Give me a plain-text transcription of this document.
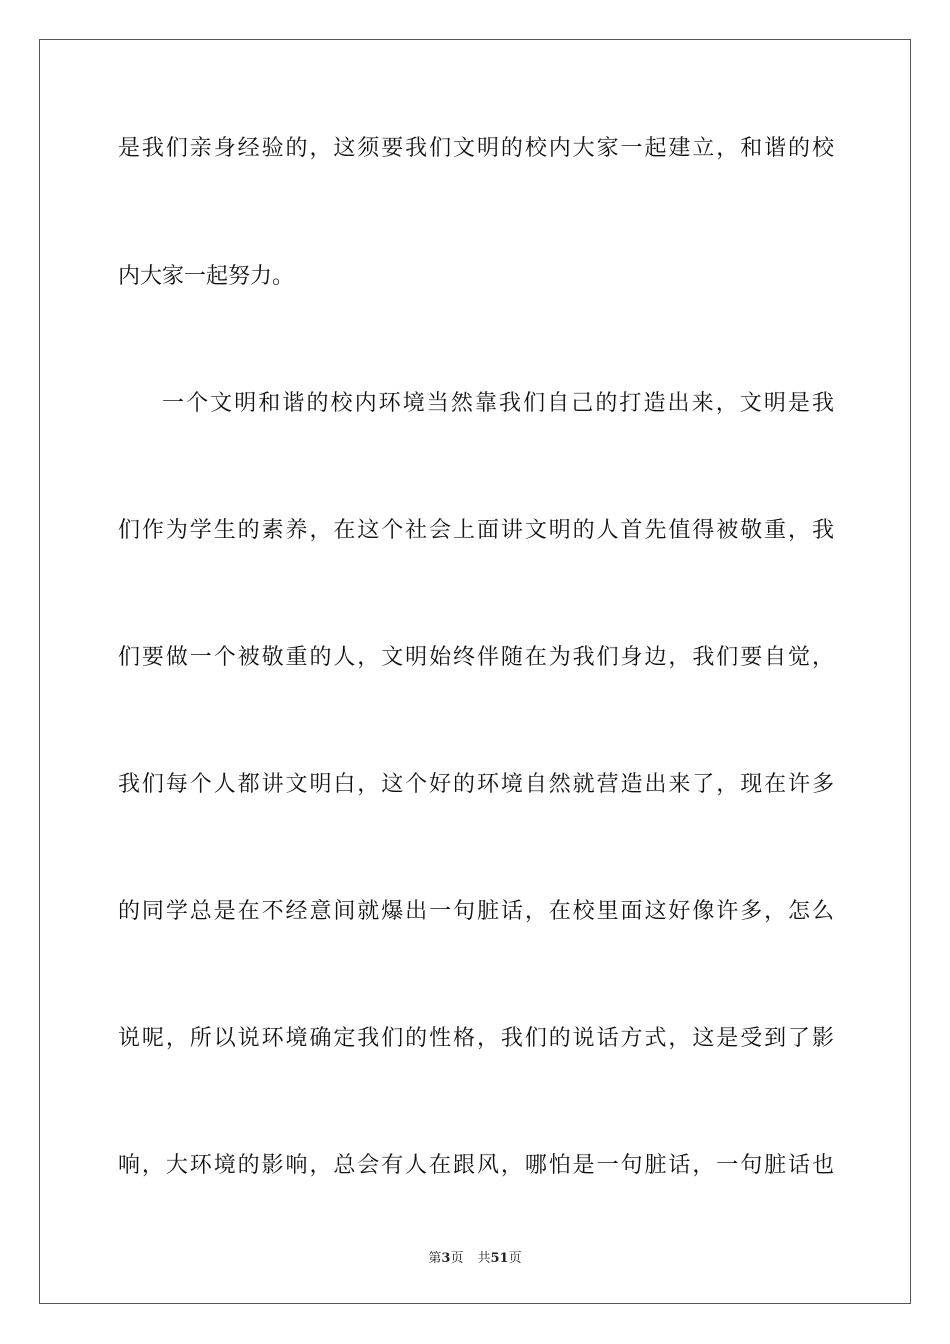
是我们亲身经验的，这须要我们文明的校内大家一起建立，和谐的校
内大家一起努力。
一个文明和谐的校内环境当然靠我们自己的打造出来，文明是我
们作为学生的素养，在这个社会上面讲文明的人首先值得被敬重，我
们要做一个被敬重的人，文明始终伴随在为我们身边，我们要自觉，
我们每个人都讲文明白，这个好的环境自然就营造出来了，现在许多
的同学总是在不经意间就爆出一句脏话，在校里面这好像许多，怎么
说呢，所以说环境确定我们的性格，我们的说话方式，这是受到了影
响，大环境的影响，总会有人在跟风，哪怕是一句脏话，一句脏话也
第3页 共51页
